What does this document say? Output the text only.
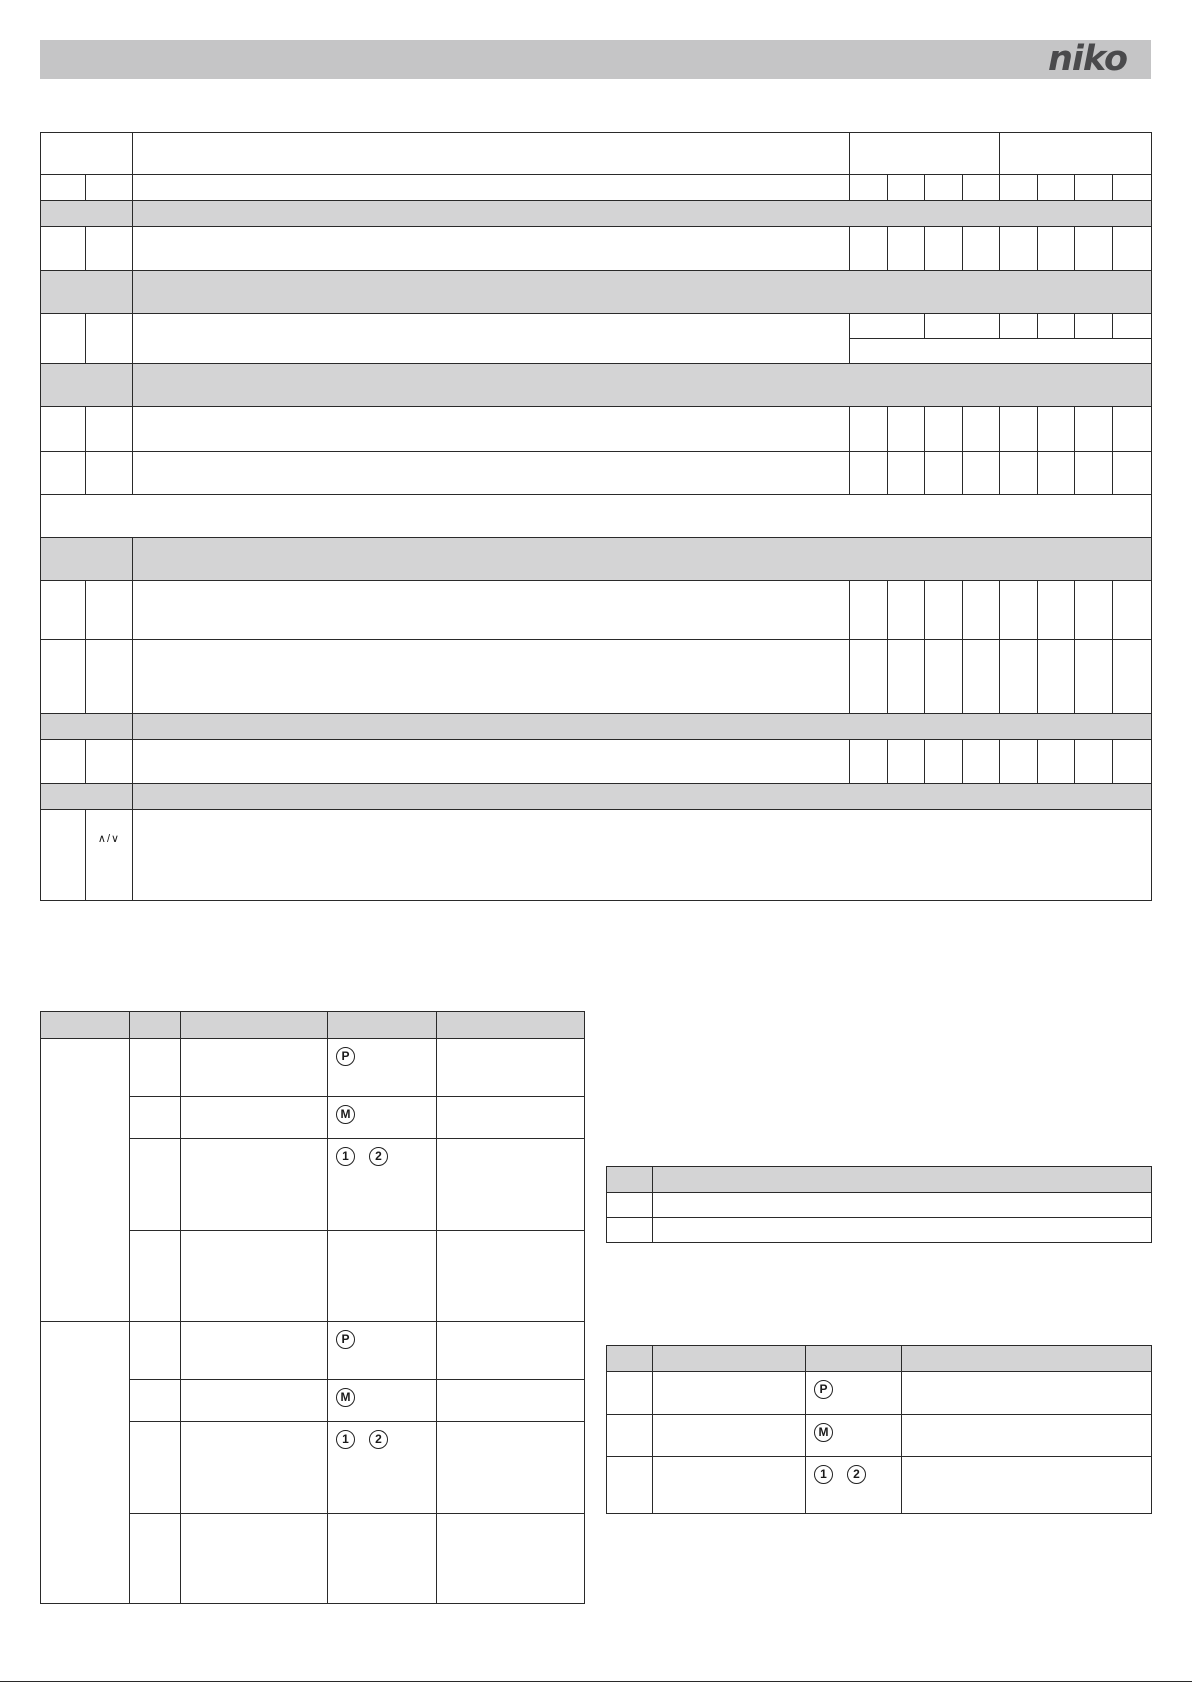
niko

	∧/∨									

			P	
			M	
			1 2	

			P	
			M	
			1 2	

		P	
		M	
		1 2	
